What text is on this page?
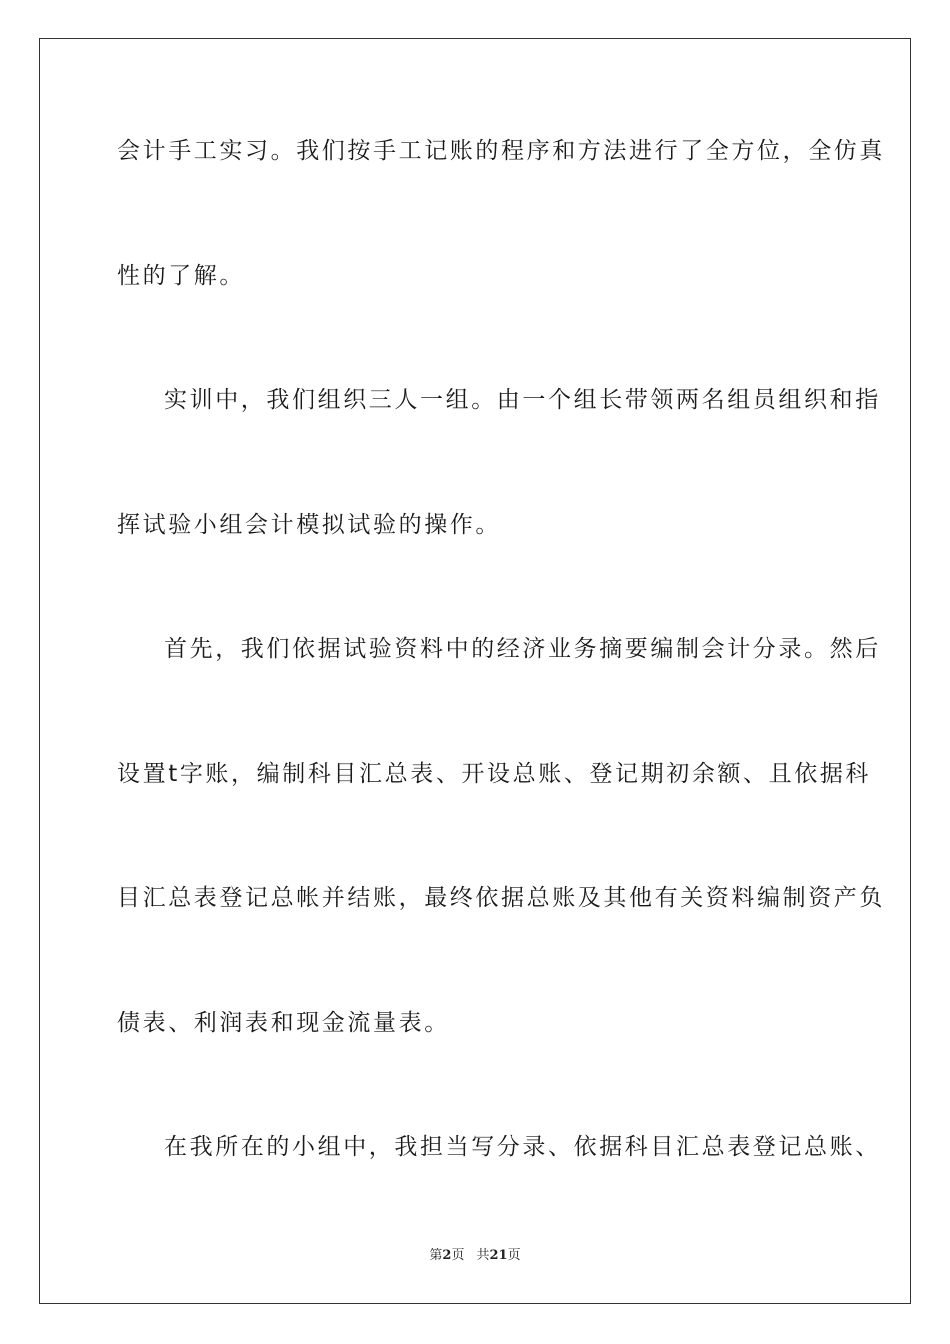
会计手工实习。我们按手工记账的程序和方法进行了全方位，全仿真
性的了解。
实训中，我们组织三人一组。由一个组长带领两名组员组织和指
挥试验小组会计模拟试验的操作。
首先，我们依据试验资料中的经济业务摘要编制会计分录。然后
设置t字账，编制科目汇总表、开设总账、登记期初余额、且依据科
目汇总表登记总帐并结账，最终依据总账及其他有关资料编制资产负
债表、利润表和现金流量表。
在我所在的小组中，我担当写分录、依据科目汇总表登记总账、
第2页 共21页
